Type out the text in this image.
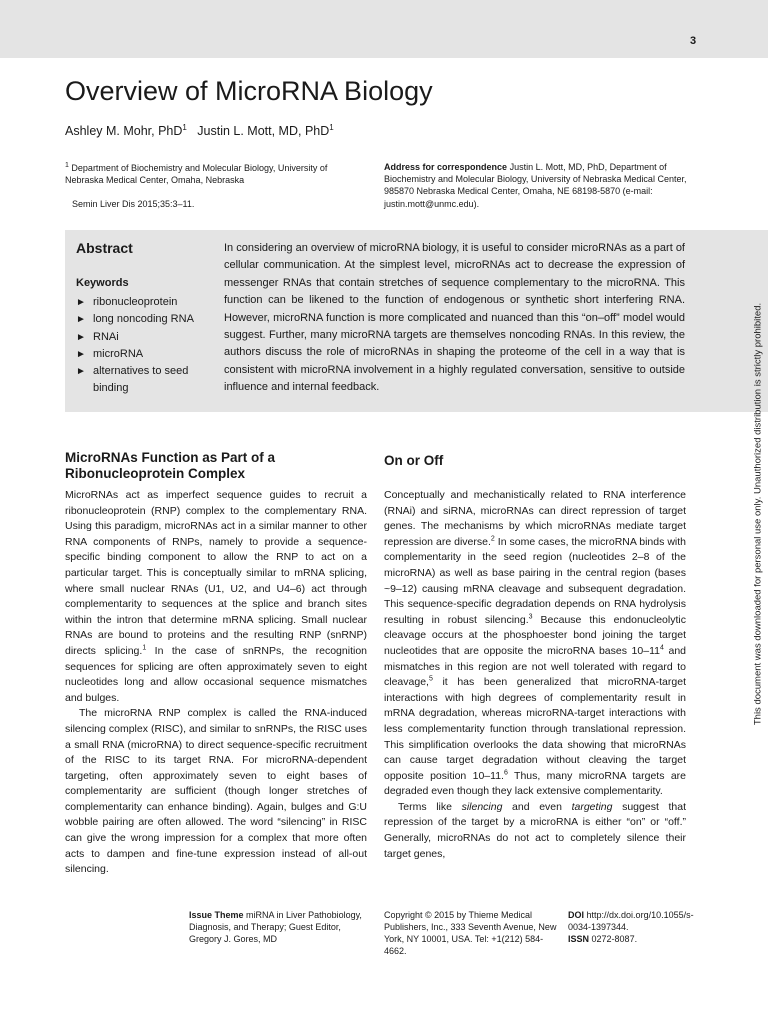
3
Overview of MicroRNA Biology
Ashley M. Mohr, PhD$^1$ Justin L. Mott, MD, PhD$^1$
$^1$ Department of Biochemistry and Molecular Biology, University of Nebraska Medical Center, Omaha, Nebraska
Semin Liver Dis 2015;35:3–11.
Address for correspondence Justin L. Mott, MD, PhD, Department of Biochemistry and Molecular Biology, University of Nebraska Medical Center, 985870 Nebraska Medical Center, Omaha, NE 68198-5870 (e-mail: justin.mott@unmc.edu).
Abstract
Keywords
► ribonucleoprotein
► long noncoding RNA
► RNAi
► microRNA
► alternatives to seed binding

In considering an overview of microRNA biology, it is useful to consider microRNAs as a part of cellular communication. At the simplest level, microRNAs act to decrease the expression of messenger RNAs that contain stretches of sequence complementary to the microRNA. This function can be likened to the function of endogenous or synthetic short interfering RNA. However, microRNA function is more complicated and nuanced than this “on–off” model would suggest. Further, many microRNA targets are themselves noncoding RNAs. In this review, the authors discuss the role of microRNAs in shaping the proteome of the cell in a way that is consistent with microRNA involvement in a highly regulated conversation, sensitive to outside influence and internal feedback.

MicroRNAs Function as Part of a Ribonucleoprotein Complex
On or Off

MicroRNAs act as imperfect sequence guides to recruit a ribonucleoprotein (RNP) complex to the complementary RNA. Using this paradigm, microRNAs act in a similar manner to other RNA components of RNPs, namely to provide a sequence-specific binding component to allow the RNP to act on a particular target. This is conceptually similar to mRNA splicing, where small nuclear RNAs (U1, U2, and U4–6) act through complementarity to sequences at the splice and branch sites within the intron that determine mRNA splicing. Small nuclear RNAs are bound to proteins and the resulting RNP (snRNP) directs splicing.$^1$ In the case of snRNPs, the recognition sequences for splicing are often approximately seven to eight nucleotides long and allow occasional sequence mismatches and bulges.

The microRNA RNP complex is called the RNA-induced silencing complex (RISC), and similar to snRNPs, the RISC uses a small RNA (microRNA) to direct sequence-specific recruitment of the RISC to its target RNA. For microRNA-dependent targeting, often approximately seven to eight bases of complementarity are sufficient (though longer stretches of complementarity can enhance binding). Again, bulges and G:U wobble pairing are often allowed. The word “silencing” in RISC can give the wrong impression for a complex that more often acts to dampen and fine-tune expression instead of all-out silencing.

Conceptually and mechanistically related to RNA interference (RNAi) and siRNA, microRNAs can direct repression of target genes. The mechanisms by which microRNAs mediate target repression are diverse.$^2$ In some cases, the microRNA binds with complementarity in the seed region (nucleotides 2–8 of the microRNA) as well as base pairing in the central region (bases ~9–12) causing mRNA cleavage and subsequent degradation. This sequence-specific degradation depends on RNA hydrolysis resulting in robust silencing.$^3$ Because this endonucleolytic cleavage occurs at the phosphoester bond joining the target nucleotides that are opposite the microRNA bases $10-11^4$ and mismatches in this region are not well tolerated with regard to cleavage,$^5$ it has been generalized that microRNA-target interactions with high degrees of complementarity result in mRNA degradation, whereas microRNA-target interactions with less complementarity function through translational repression. This simplification overlooks the data showing that microRNAs can cause target degradation without cleaving the target opposite position 10–11.$^6$ Thus, many microRNA targets are degraded even though they lack extensive complementarity.

Terms like silencing and even targeting suggest that repression of the target by a microRNA is either “on” or “off.” Generally, microRNAs do not act to completely silence their target genes,

This document was downloaded for personal use only. Unauthorized distribution is strictly prohibited.
Issue Theme miRNA in Liver Pathobiology, Diagnosis, and Therapy; Guest Editor, Gregory J. Gores, MD
Copyright © 2015 by Thieme Medical Publishers, Inc., 333 Seventh Avenue, New York, NY 10001, USA. Tel: +1(212) 584-4662.
DOI http://dx.doi.org/10.1055/s-0034-1397344.
ISSN 0272-8087.
